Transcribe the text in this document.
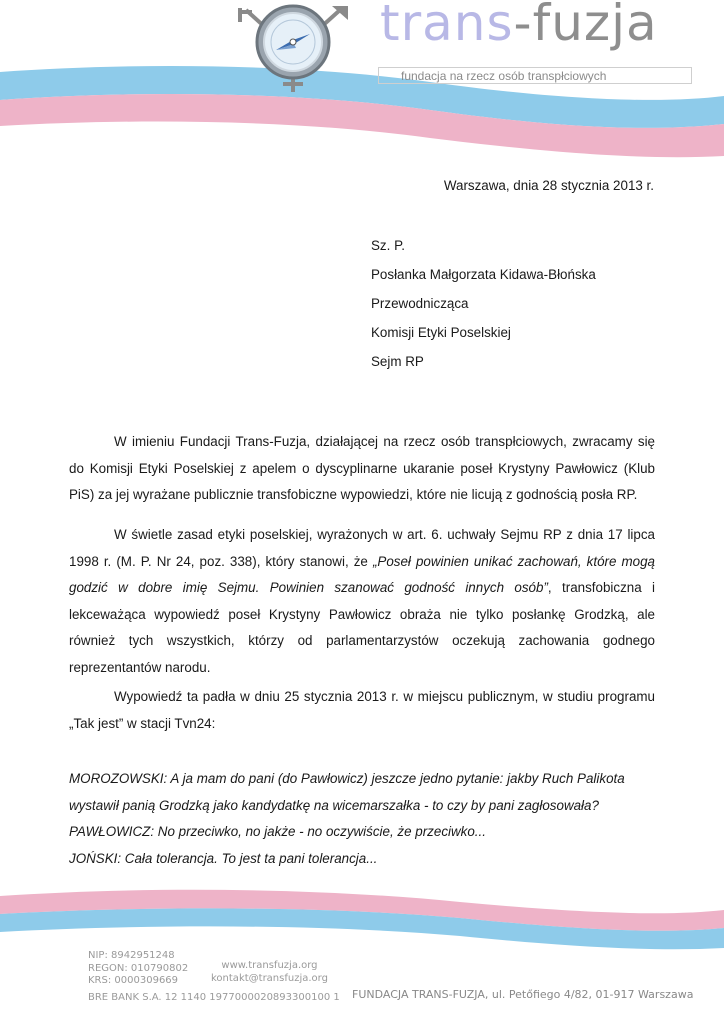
trans-fuzja
fundacja na rzecz osób transpłciowych
Warszawa, dnia 28 stycznia 2013 r.
Sz. P.
Posłanka Małgorzata Kidawa-Błońska
Przewodnicząca
Komisji Etyki Poselskiej
Sejm RP

W imieniu Fundacji Trans-Fuzja, działającej na rzecz osób transpłciowych, zwracamy się do Komisji Etyki Poselskiej z apelem o dyscyplinarne ukaranie poseł Krystyny Pawłowicz (Klub PiS) za jej wyrażane publicznie transfobiczne wypowiedzi, które nie licują z godnością posła RP.

W świetle zasad etyki poselskiej, wyrażonych w art. 6. uchwały Sejmu RP z dnia 17 lipca 1998 r. (M. P. Nr 24, poz. 338), który stanowi, że „Poseł powinien unikać zachowań, które mogą godzić w dobre imię Sejmu. Powinien szanować godność innych osób”, transfobiczna i lekceważąca wypowiedź poseł Krystyny Pawłowicz obraża nie tylko posłankę Grodzką, ale również tych wszystkich, którzy od parlamentarzystów oczekują zachowania godnego reprezentantów narodu.

Wypowiedź ta padła w dniu 25 stycznia 2013 r. w miejscu publicznym, w studiu programu „Tak jest” w stacji Tvn24:

MOROZOWSKI: A ja mam do pani (do Pawłowicz) jeszcze jedno pytanie: jakby Ruch Palikota
wystawił panią Grodzką jako kandydatkę na wicemarszałka - to czy by pani zagłosowała?
PAWŁOWICZ: No przeciwko, no jakże - no oczywiście, że przeciwko...
JOŃSKI: Cała tolerancja. To jest ta pani tolerancja...
NIP: 8942951248
REGON: 010790802
KRS: 0000309669
www.transfuzja.org
kontakt@transfuzja.org
BRE BANK S.A. 12 1140 1977000020893300100 1 FUNDACJA TRANS-FUZJA, ul. Petőfiego 4/82, 01-917 Warszawa
